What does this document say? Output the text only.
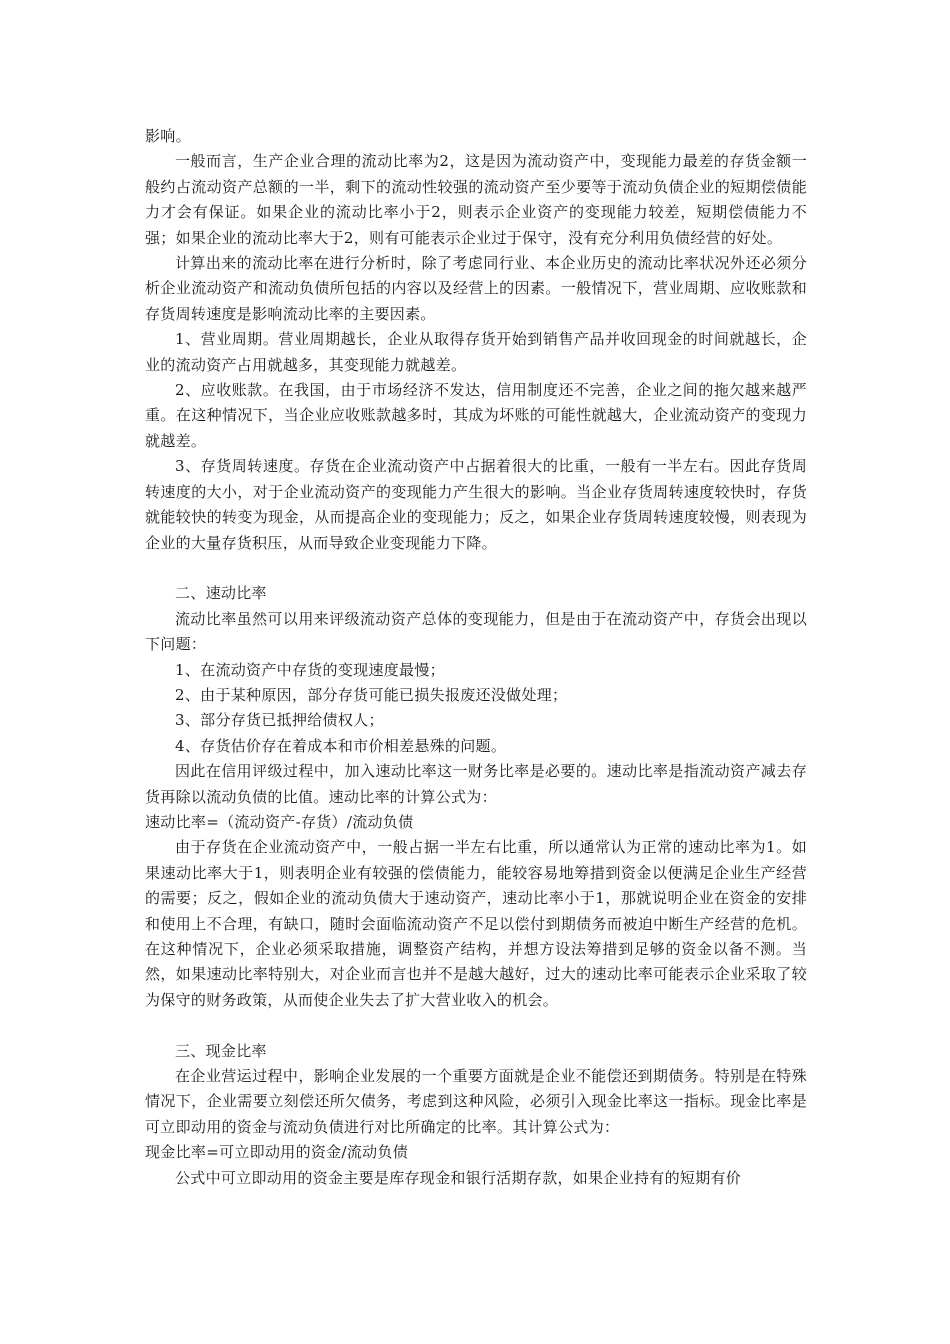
影响。

一般而言，生产企业合理的流动比率为2，这是因为流动资产中，变现能力最差的存货金额一般约占流动资产总额的一半，剩下的流动性较强的流动资产至少要等于流动负债企业的短期偿债能力才会有保证。如果企业的流动比率小于2，则表示企业资产的变现能力较差，短期偿债能力不强；如果企业的流动比率大于2，则有可能表示企业过于保守，没有充分利用负债经营的好处。

计算出来的流动比率在进行分析时，除了考虑同行业、本企业历史的流动比率状况外还必须分析企业流动资产和流动负债所包括的内容以及经营上的因素。一般情况下，营业周期、应收账款和存货周转速度是影响流动比率的主要因素。

1、营业周期。营业周期越长，企业从取得存货开始到销售产品并收回现金的时间就越长，企业的流动资产占用就越多，其变现能力就越差。

2、应收账款。在我国，由于市场经济不发达，信用制度还不完善，企业之间的拖欠越来越严重。在这种情况下，当企业应收账款越多时，其成为坏账的可能性就越大，企业流动资产的变现力就越差。

3、存货周转速度。存货在企业流动资产中占据着很大的比重，一般有一半左右。因此存货周转速度的大小，对于企业流动资产的变现能力产生很大的影响。当企业存货周转速度较快时，存货就能较快的转变为现金，从而提高企业的变现能力；反之，如果企业存货周转速度较慢，则表现为企业的大量存货积压，从而导致企业变现能力下降。

二、速动比率

流动比率虽然可以用来评级流动资产总体的变现能力，但是由于在流动资产中，存货会出现以下问题：

1、在流动资产中存货的变现速度最慢；

2、由于某种原因，部分存货可能已损失报废还没做处理；

3、部分存货已抵押给债权人；

4、存货估价存在着成本和市价相差悬殊的问题。

因此在信用评级过程中，加入速动比率这一财务比率是必要的。速动比率是指流动资产减去存货再除以流动负债的比值。速动比率的计算公式为：

速动比率=（流动资产-存货）/流动负债

由于存货在企业流动资产中，一般占据一半左右比重，所以通常认为正常的速动比率为1。如果速动比率大于1，则表明企业有较强的偿债能力，能较容易地筹措到资金以便满足企业生产经营的需要；反之，假如企业的流动负债大于速动资产，速动比率小于1，那就说明企业在资金的安排和使用上不合理，有缺口，随时会面临流动资产不足以偿付到期债务而被迫中断生产经营的危机。在这种情况下，企业必须采取措施，调整资产结构，并想方设法筹措到足够的资金以备不测。当然，如果速动比率特别大，对企业而言也并不是越大越好，过大的速动比率可能表示企业采取了较为保守的财务政策，从而使企业失去了扩大营业收入的机会。

三、现金比率

在企业营运过程中，影响企业发展的一个重要方面就是企业不能偿还到期债务。特别是在特殊情况下，企业需要立刻偿还所欠债务，考虑到这种风险，必须引入现金比率这一指标。现金比率是可立即动用的资金与流动负债进行对比所确定的比率。其计算公式为：

现金比率=可立即动用的资金/流动负债

公式中可立即动用的资金主要是库存现金和银行活期存款，如果企业持有的短期有价
